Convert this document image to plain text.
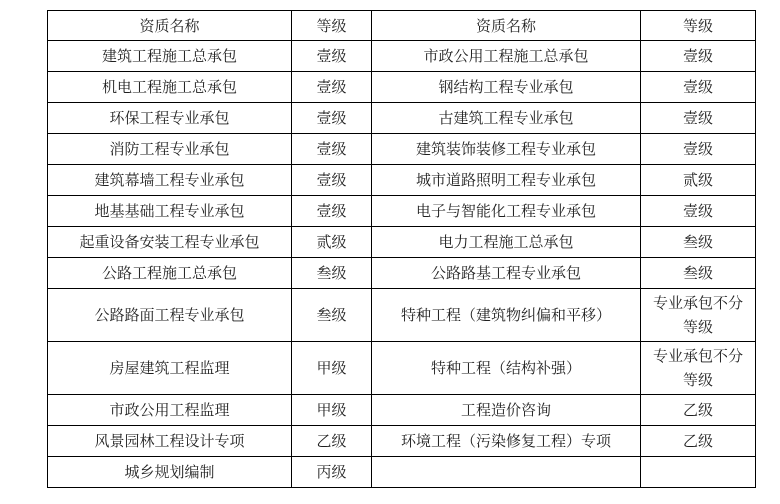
资质名称	等级	资质名称	等级
建筑工程施工总承包	壹级	市政公用工程施工总承包	壹级
机电工程施工总承包	壹级	钢结构工程专业承包	壹级
环保工程专业承包	壹级	古建筑工程专业承包	壹级
消防工程专业承包	壹级	建筑装饰装修工程专业承包	壹级
建筑幕墙工程专业承包	壹级	城市道路照明工程专业承包	贰级
地基基础工程专业承包	壹级	电子与智能化工程专业承包	壹级
起重设备安装工程专业承包	贰级	电力工程施工总承包	叁级
公路工程施工总承包	叁级	公路路基工程专业承包	叁级
公路路面工程专业承包	叁级	特种工程（建筑物纠偏和平移）	专业承包不分等级
房屋建筑工程监理	甲级	特种工程（结构补强）	专业承包不分等级
市政公用工程监理	甲级	工程造价咨询	乙级
风景园林工程设计专项	乙级	环境工程（污染修复工程）专项	乙级
城乡规划编制	丙级		
